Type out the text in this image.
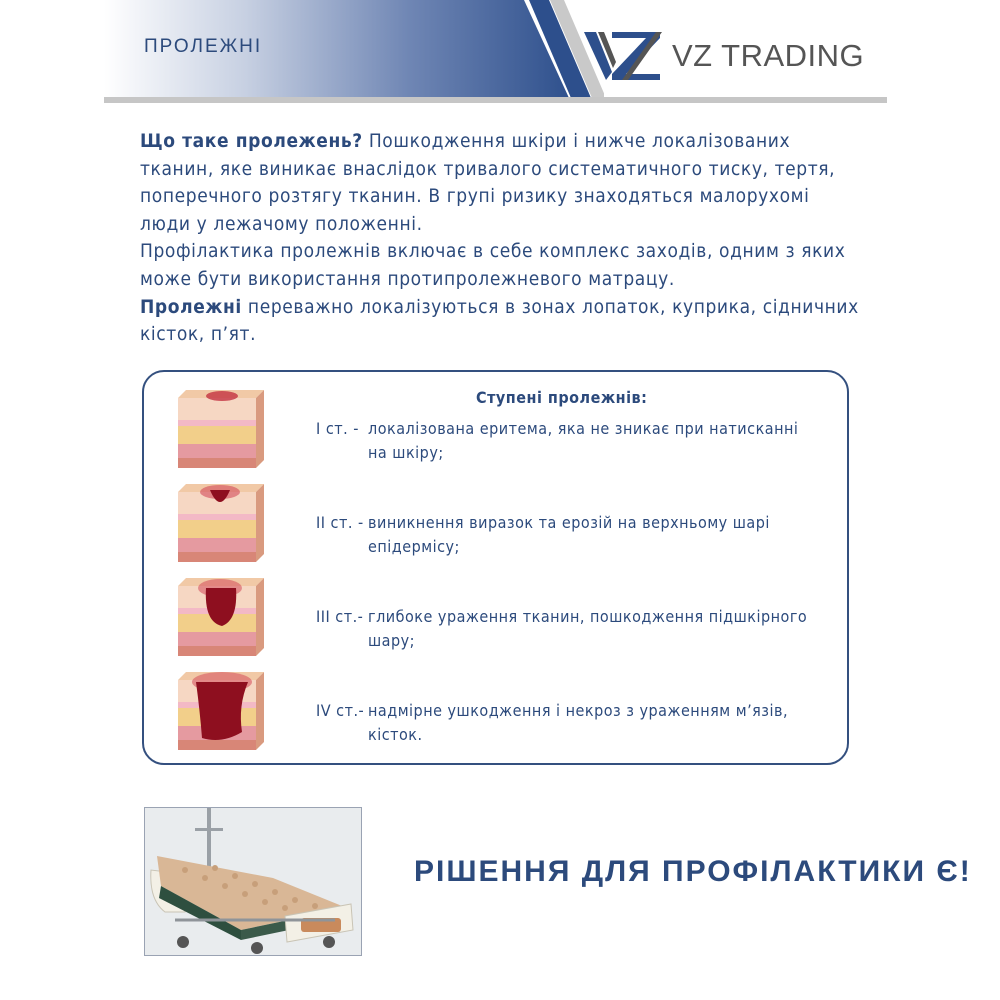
ПРОЛЕЖНІ	VZ TRADING
Що таке пролежень? Пошкодження шкіри і нижче локалізованих тканин, яке виникає внаслідок тривалого систематичного тиску, тертя, поперечного розтягу тканин. В групі ризику знаходяться малорухомі люди у лежачому положенні.
Профілактика пролежнів включає в себе комплекс заходів, одним з яких може бути використання протипролежневого матрацу.
Пролежні переважно локалізуються в зонах лопаток, куприка, сідничних кісток, п’ят.
Ступені пролежнів:
I ст. - локалізована еритема, яка не зникає при натисканні
на шкіру;
II ст. - виникнення виразок та ерозій на верхньому шарі
епідермісу;
III ст.- глибоке ураження тканин, пошкодження підшкірного
шару;
IV ст.- надмірне ушкодження і некроз з ураженням м’язів,
кісток.
РІШЕННЯ ДЛЯ ПРОФІЛАКТИКИ Є!
